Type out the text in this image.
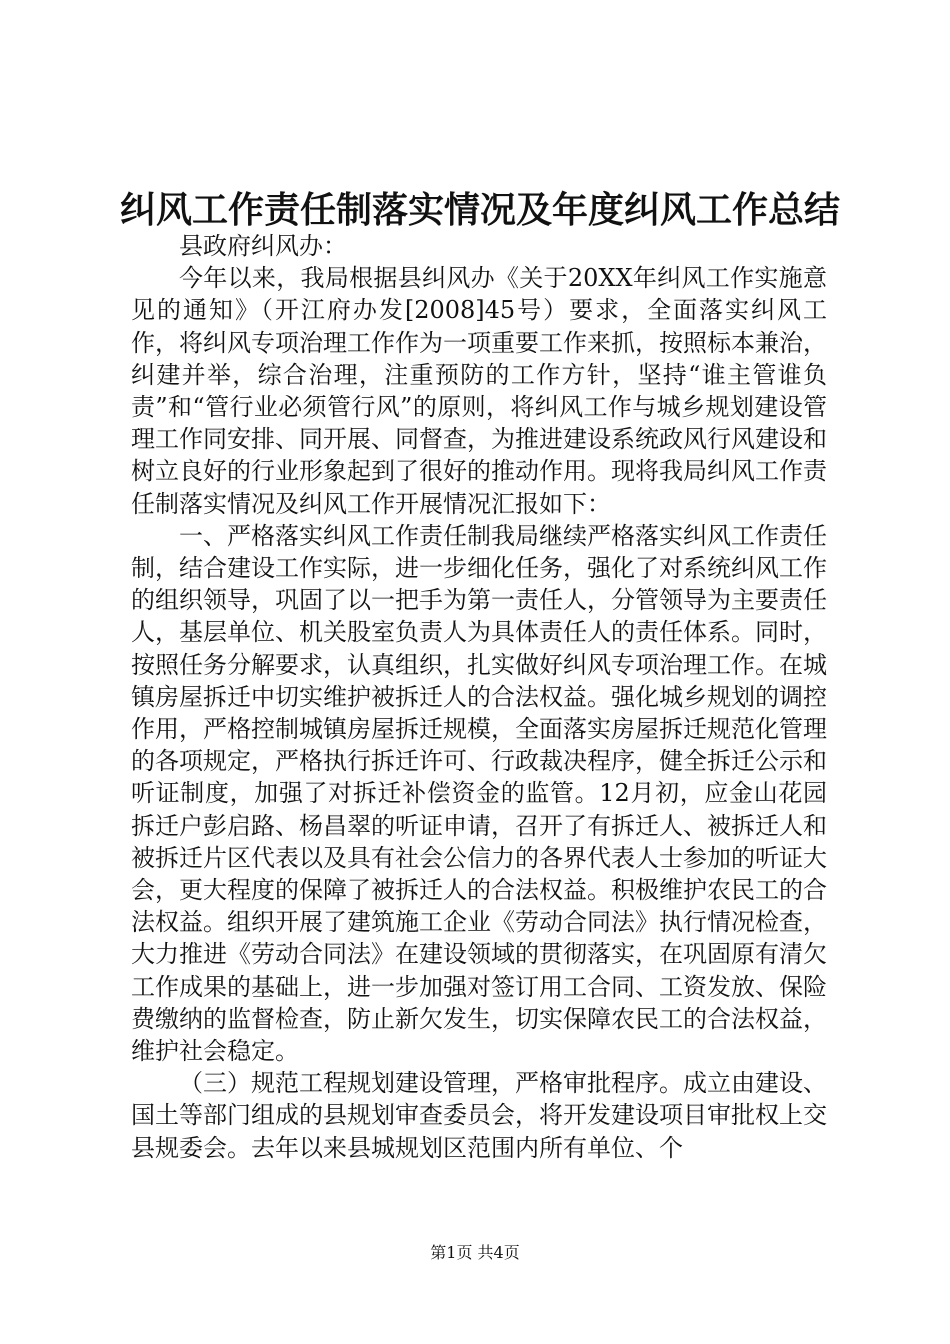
纠风工作责任制落实情况及年度纠风工作总结

县政府纠风办：

今年以来，我局根据县纠风办《关于20XX年纠风工作实施意见的通知》（开江府办发[2008]45号）要求，全面落实纠风工作，将纠风专项治理工作作为一项重要工作来抓，按照标本兼治，纠建并举，综合治理，注重预防的工作方针，坚持“谁主管谁负责”和“管行业必须管行风”的原则，将纠风工作与城乡规划建设管理工作同安排、同开展、同督查，为推进建设系统政风行风建设和树立良好的行业形象起到了很好的推动作用。现将我局纠风工作责任制落实情况及纠风工作开展情况汇报如下：

一、严格落实纠风工作责任制我局继续严格落实纠风工作责任制，结合建设工作实际，进一步细化任务，强化了对系统纠风工作的组织领导，巩固了以一把手为第一责任人，分管领导为主要责任人，基层单位、机关股室负责人为具体责任人的责任体系。同时，按照任务分解要求，认真组织，扎实做好纠风专项治理工作。在城镇房屋拆迁中切实维护被拆迁人的合法权益。强化城乡规划的调控作用，严格控制城镇房屋拆迁规模，全面落实房屋拆迁规范化管理的各项规定，严格执行拆迁许可、行政裁决程序，健全拆迁公示和听证制度，加强了对拆迁补偿资金的监管。12月初，应金山花园拆迁户彭启路、杨昌翠的听证申请，召开了有拆迁人、被拆迁人和被拆迁片区代表以及具有社会公信力的各界代表人士参加的听证大会，更大程度的保障了被拆迁人的合法权益。积极维护农民工的合法权益。组织开展了建筑施工企业《劳动合同法》执行情况检查，大力推进《劳动合同法》在建设领域的贯彻落实，在巩固原有清欠工作成果的基础上，进一步加强对签订用工合同、工资发放、保险费缴纳的监督检查，防止新欠发生，切实保障农民工的合法权益，维护社会稳定。

（三）规范工程规划建设管理，严格审批程序。成立由建设、国土等部门组成的县规划审查委员会，将开发建设项目审批权上交县规委会。去年以来县城规划区范围内所有单位、个

第1页 共4页
